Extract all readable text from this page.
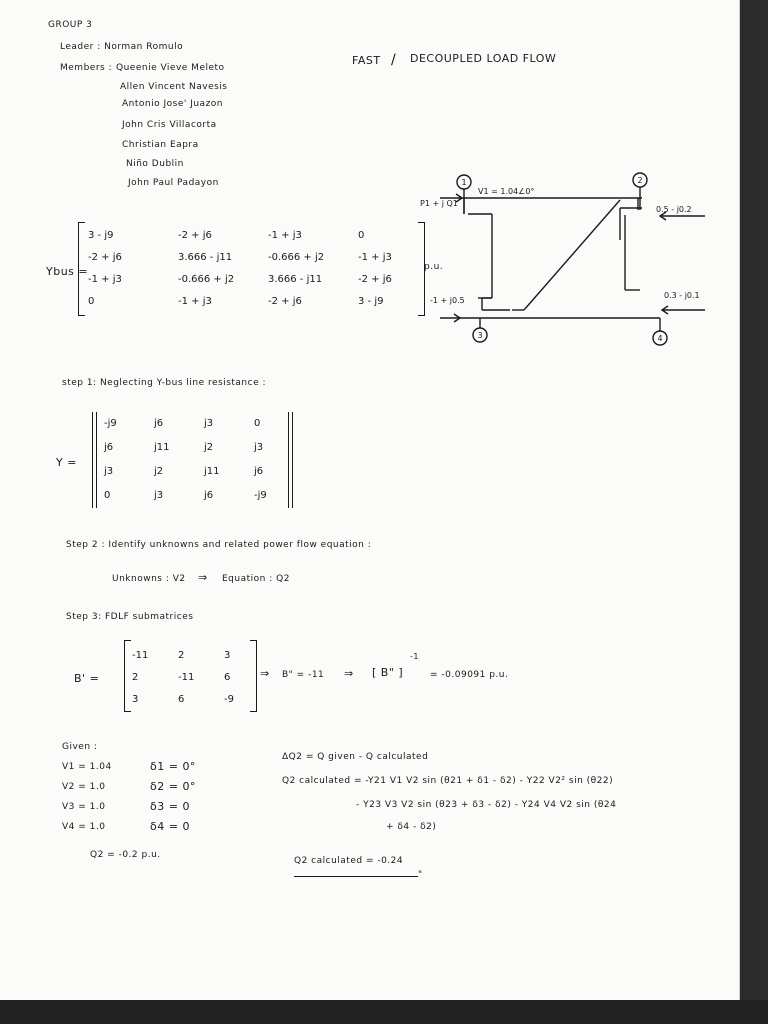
GROUP 3
Leader : Norman Romulo
Members : Queenie Vieve Meleto
Allen Vincent Navesis
Antonio Jose' Juazon
John Cris Villacorta
Christian Eapra
Niño Dublin
John Paul Padayon
FAST / DECOUPLED LOAD FLOW
Ybus =
3 - j9	-2 + j6	-1 + j3	0
-2 + j6	3.666 - j11	-0.666 + j2	-1 + j3
-1 + j3	-0.666 + j2	3.666 - j11	-2 + j6
0	-1 + j3	-2 + j6	3 - j9
p.u.
1	2
3	4
V1 = 1.04∠0°
P1 + j Q1
0.5 - j0.2
-1 + j0.5
0.3 - j0.1
step 1: Neglecting Y-bus line resistance :
Y =
-j9	j6	j3	0
j6	j11	j2	j3
j3	j2	j11	j6
0	j3	j6	-j9
Step 2 : Identify unknowns and related power flow equation :
Unknowns : V2 ⇒ Equation : Q2
Step 3: FDLF submatrices
B' =
-11	2	3
2	-11	6
3	6	-9
⇒ B" = -11 ⇒ [ B" ]
-1
= -0.09091 p.u.
Given :
V1 = 1.04
V2 = 1.0
V3 = 1.0
V4 = 1.0
δ1 = 0°
δ2 = 0°
δ3 = 0
δ4 = 0
Q2 = -0.2 p.u.
ΔQ2 = Q given - Q calculated
Q2 calculated = -Y21 V1 V2 sin (θ21 + δ1 - δ2) - Y22 V2² sin (θ22)
- Y23 V3 V2 sin (θ23 + δ3 - δ2) - Y24 V4 V2 sin (θ24
+ δ4 - δ2)
Q2 calculated = -0.24
"
